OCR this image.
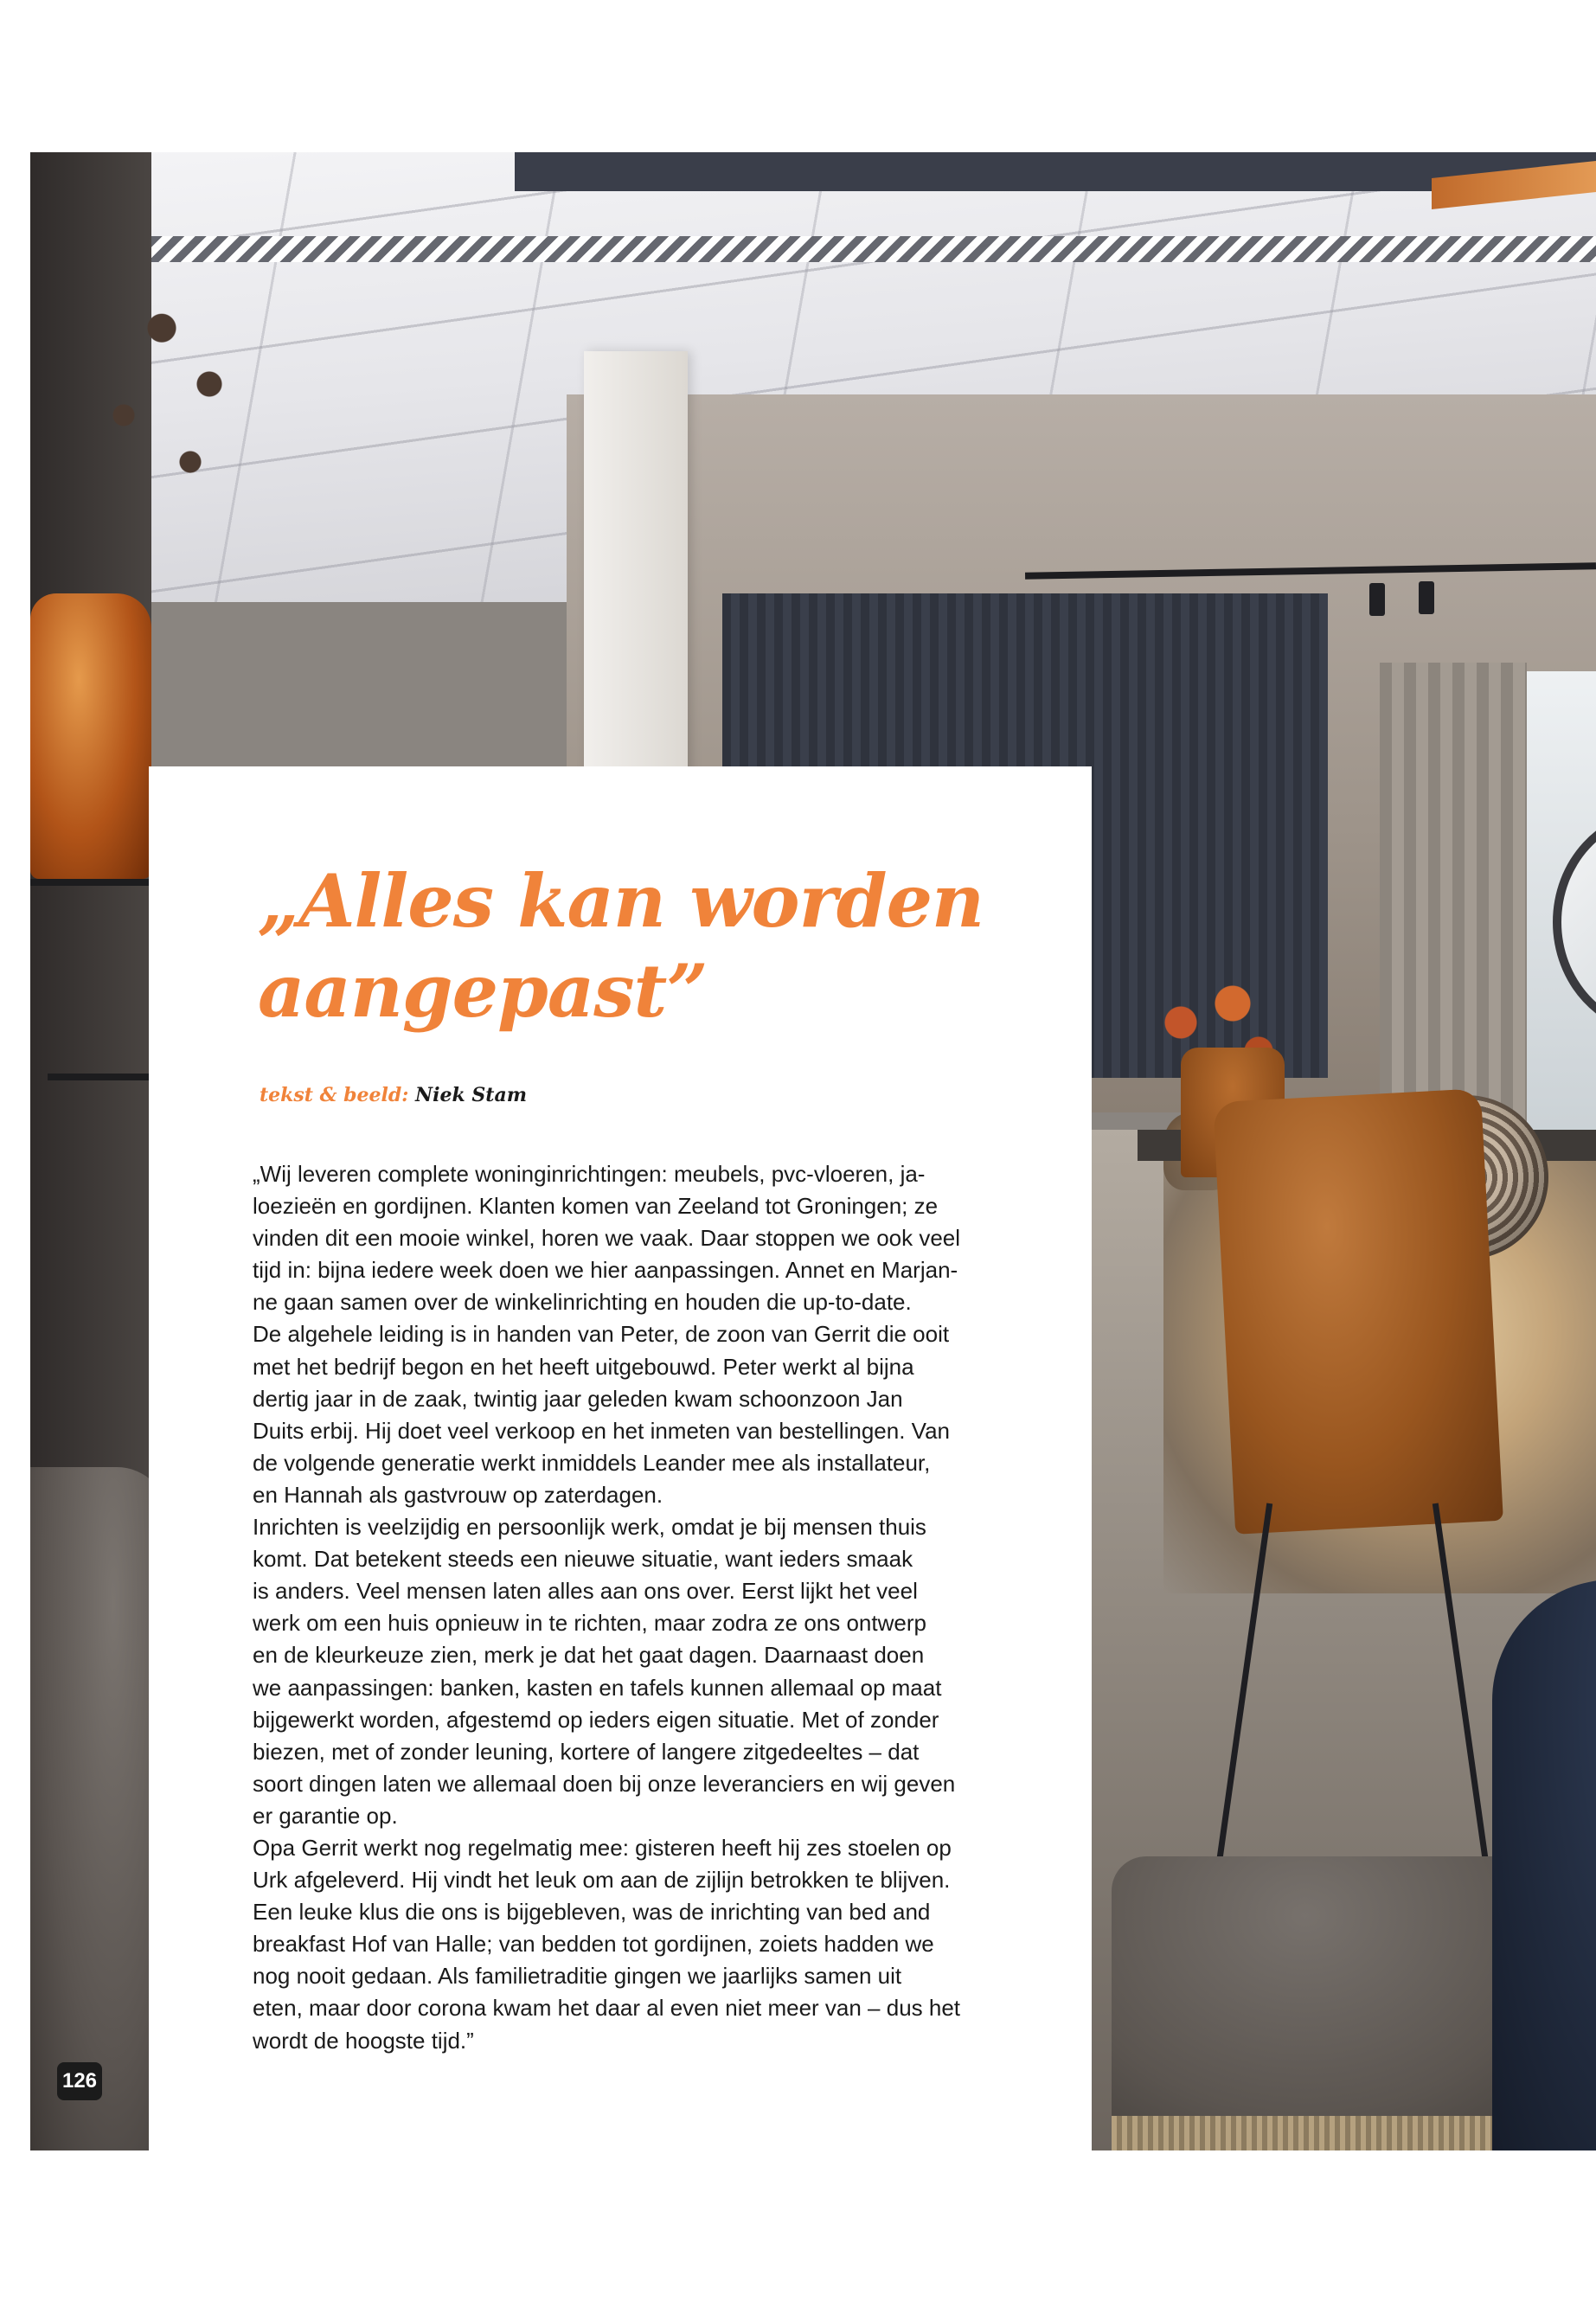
„Alles kan worden
aangepast”
tekst & beeld: Niek Stam
„Wij leveren complete woninginrichtingen: meubels, pvc-vloeren, ja-
loezieën en gordijnen. Klanten komen van Zeeland tot Groningen; ze
vinden dit een mooie winkel, horen we vaak. Daar stoppen we ook veel
tijd in: bijna iedere week doen we hier aanpassingen. Annet en Marjan-
ne gaan samen over de winkelinrichting en houden die up-to-date.
De algehele leiding is in handen van Peter, de zoon van Gerrit die ooit
met het bedrijf begon en het heeft uitgebouwd. Peter werkt al bijna
dertig jaar in de zaak, twintig jaar geleden kwam schoonzoon Jan
Duits erbij. Hij doet veel verkoop en het inmeten van bestellingen. Van
de volgende generatie werkt inmiddels Leander mee als installateur,
en Hannah als gastvrouw op zaterdagen.
Inrichten is veelzijdig en persoonlijk werk, omdat je bij mensen thuis
komt. Dat betekent steeds een nieuwe situatie, want ieders smaak
is anders. Veel mensen laten alles aan ons over. Eerst lijkt het veel
werk om een huis opnieuw in te richten, maar zodra ze ons ontwerp
en de kleurkeuze zien, merk je dat het gaat dagen. Daarnaast doen
we aanpassingen: banken, kasten en tafels kunnen allemaal op maat
bijgewerkt worden, afgestemd op ieders eigen situatie. Met of zonder
biezen, met of zonder leuning, kortere of langere zitgedeeltes – dat
soort dingen laten we allemaal doen bij onze leveranciers en wij geven
er garantie op.
Opa Gerrit werkt nog regelmatig mee: gisteren heeft hij zes stoelen op
Urk afgeleverd. Hij vindt het leuk om aan de zijlijn betrokken te blijven.
Een leuke klus die ons is bijgebleven, was de inrichting van bed and
breakfast Hof van Halle; van bedden tot gordijnen, zoiets hadden we
nog nooit gedaan. Als familietraditie gingen we jaarlijks samen uit
eten, maar door corona kwam het daar al even niet meer van – dus het
wordt de hoogste tijd.”
126
